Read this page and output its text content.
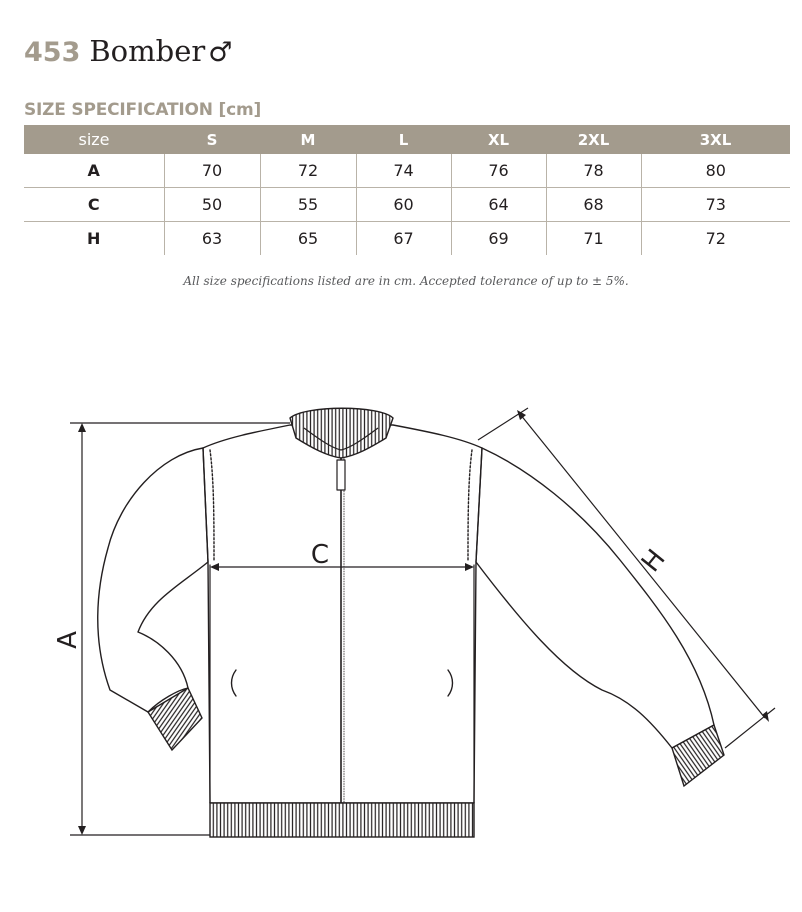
453 Bomber ♂
SIZE SPECIFICATION [cm]
size	S	M	L	XL	2XL	3XL
A	70	72	74	76	78	80
C	50	55	60	64	68	73
H	63	65	67	69	71	72
All size specifications listed are in cm. Accepted tolerance of up to ± 5%.
A
C	H
